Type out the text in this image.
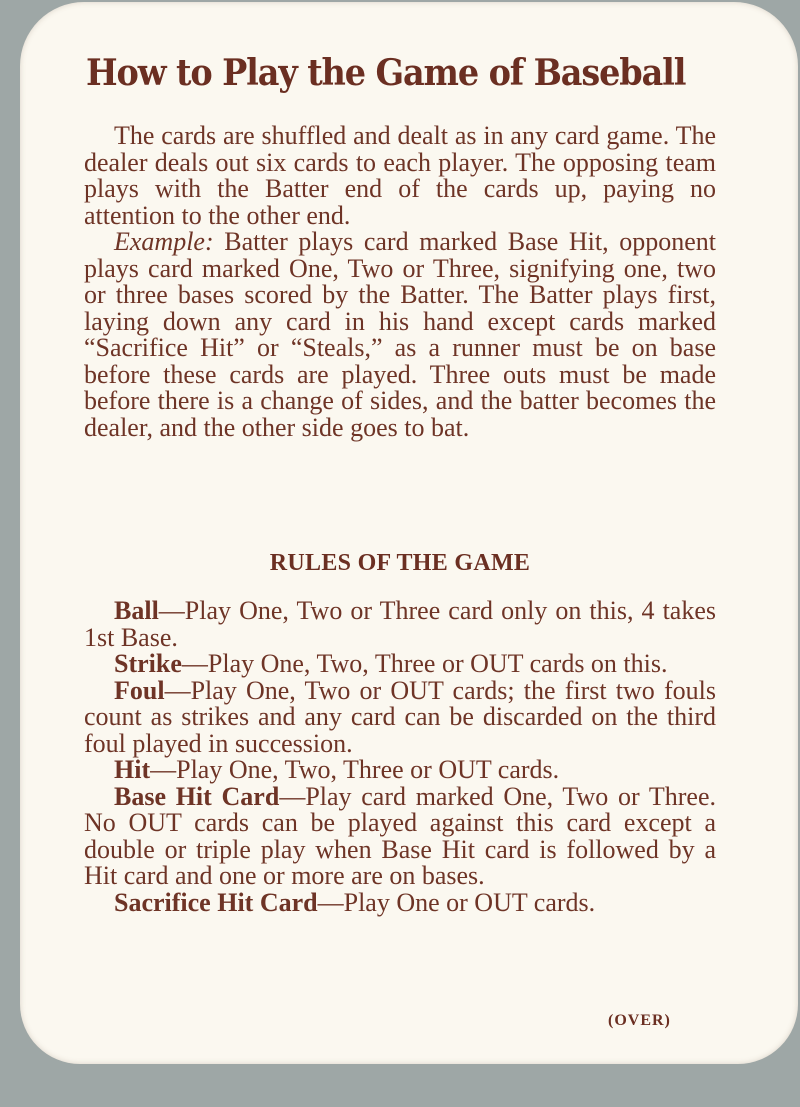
How to Play the Game of Baseball

The cards are shuffled and dealt as in any card game. The dealer deals out six cards to each player. The opposing team plays with the Batter end of the cards up, paying no attention to the other end.

Example: Batter plays card marked Base Hit, opponent plays card marked One, Two or Three, signifying one, two or three bases scored by the Batter. The Batter plays first, laying down any card in his hand except cards marked “Sacrifice Hit” or “Steals,” as a runner must be on base before these cards are played. Three outs must be made before there is a change of sides, and the batter becomes the dealer, and the other side goes to bat.

RULES OF THE GAME

Ball—Play One, Two or Three card only on this, 4 takes 1st Base.

Strike—Play One, Two, Three or OUT cards on this.

Foul—Play One, Two or OUT cards; the first two fouls count as strikes and any card can be discarded on the third foul played in succession.

Hit—Play One, Two, Three or OUT cards.

Base Hit Card—Play card marked One, Two or Three. No OUT cards can be played against this card except a double or triple play when Base Hit card is followed by a Hit card and one or more are on bases.

Sacrifice Hit Card—Play One or OUT cards.

(OVER)
